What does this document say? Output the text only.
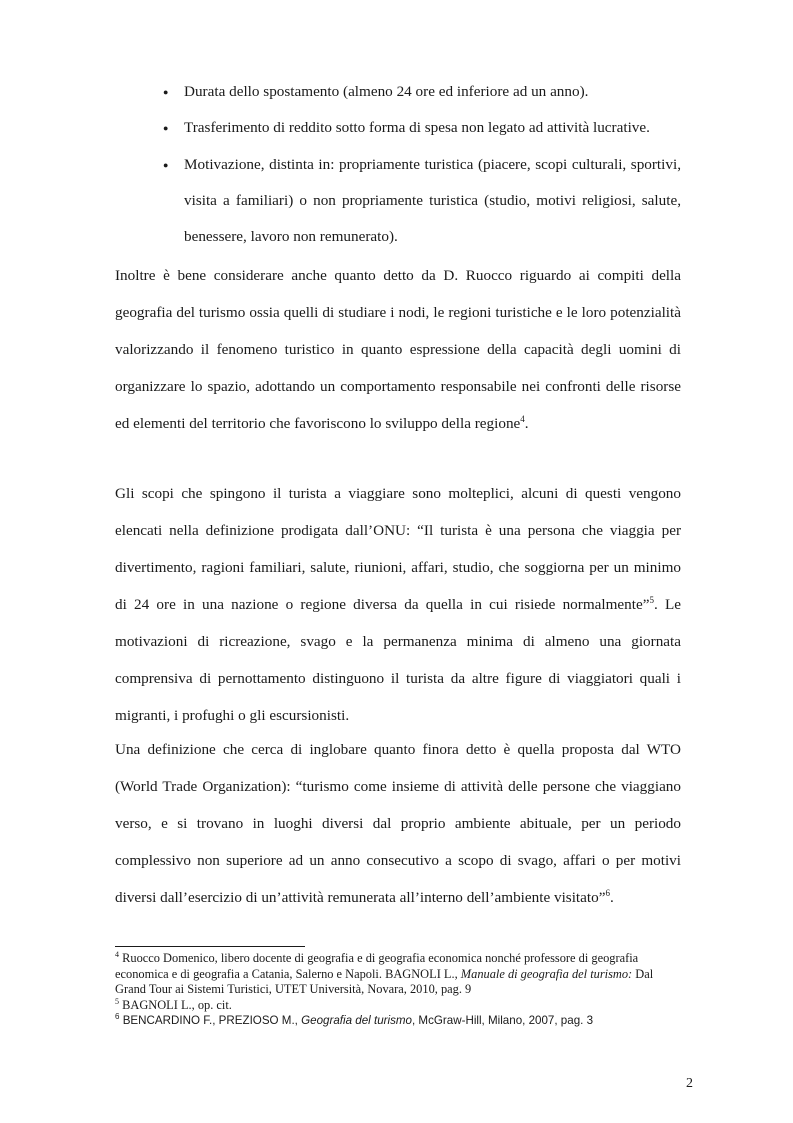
● Durata dello spostamento (almeno 24 ore ed inferiore ad un anno).
● Trasferimento di reddito sotto forma di spesa non legato ad attività lucrative.
● Motivazione, distinta in: propriamente turistica (piacere, scopi culturali, sportivi, visita a familiari) o non propriamente turistica (studio, motivi religiosi, salute, benessere, lavoro non remunerato).

Inoltre è bene considerare anche quanto detto da D. Ruocco riguardo ai compiti della geografia del turismo ossia quelli di studiare i nodi, le regioni turistiche e le loro potenzialità valorizzando il fenomeno turistico in quanto espressione della capacità degli uomini di organizzare lo spazio, adottando un comportamento responsabile nei confronti delle risorse ed elementi del territorio che favoriscono lo sviluppo della regione$^4$.

Gli scopi che spingono il turista a viaggiare sono molteplici, alcuni di questi vengono elencati nella definizione prodigata dall’ONU: “Il turista è una persona che viaggia per divertimento, ragioni familiari, salute, riunioni, affari, studio, che soggiorna per un minimo di 24 ore in una nazione o regione diversa da quella in cui risiede normalmente”$^5$. Le motivazioni di ricreazione, svago e la permanenza minima di almeno una giornata comprensiva di pernottamento distinguono il turista da altre figure di viaggiatori quali i migranti, i profughi o gli escursionisti.

Una definizione che cerca di inglobare quanto finora detto è quella proposta dal WTO (World Trade Organization): “turismo come insieme di attività delle persone che viaggiano verso, e si trovano in luoghi diversi dal proprio ambiente abituale, per un periodo complessivo non superiore ad un anno consecutivo a scopo di svago, affari o per motivi diversi dall’esercizio di un’attività remunerata all’interno dell’ambiente visitato”$^6$.

$^4$ Ruocco Domenico, libero docente di geografia e di geografia economica nonché professore di geografia economica e di geografia a Catania, Salerno e Napoli. BAGNOLI L., Manuale di geografia del turismo: Dal Grand Tour ai Sistemi Turistici, UTET Università, Novara, 2010, pag. 9

$^5$ BAGNOLI L., op. cit.

$^6$ BENCARDINO F., PREZIOSO M., Geografia del turismo, McGraw-Hill, Milano, 2007, pag. 3

2
